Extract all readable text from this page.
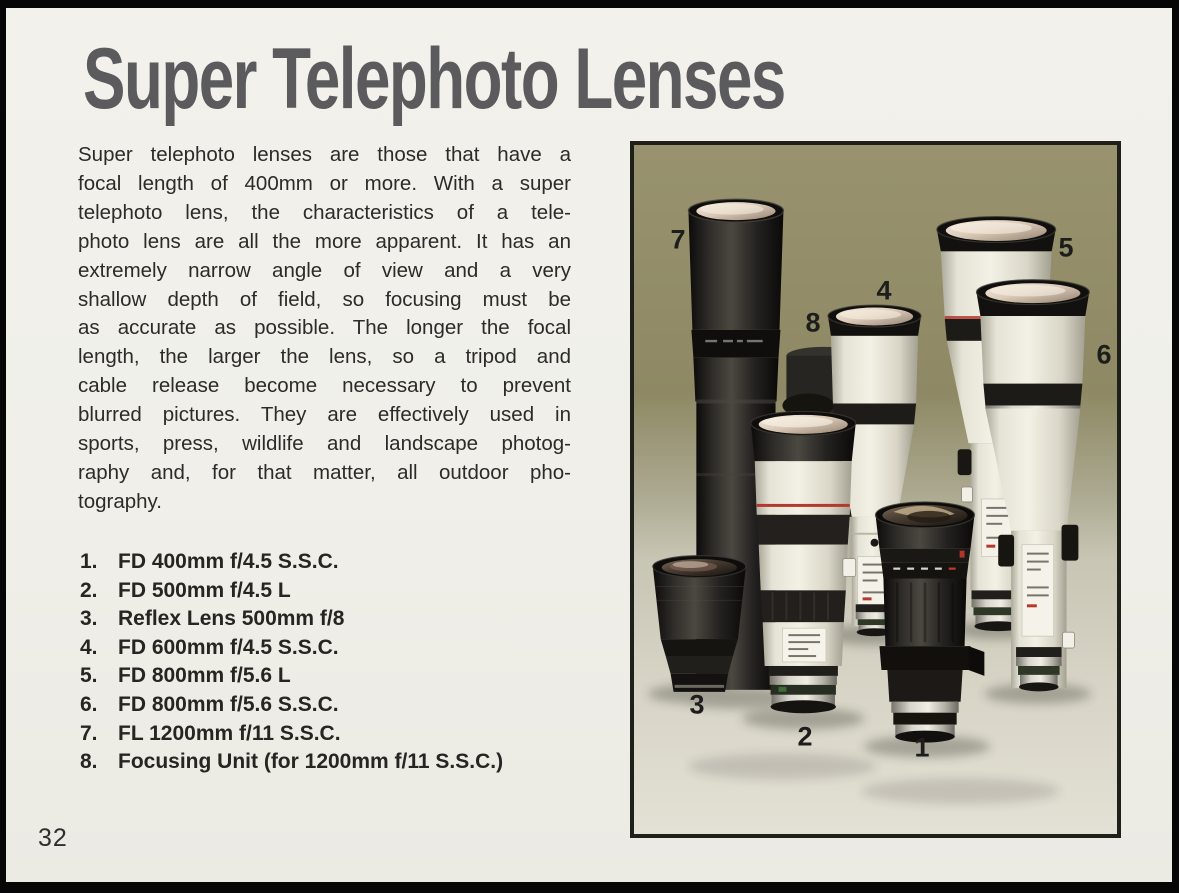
Super Telephoto Lenses
Super telephoto lenses are those that have a
focal length of 400mm or more. With a super
telephoto lens, the characteristics of a tele-
photo lens are all the more apparent. It has an
extremely narrow angle of view and a very
shallow depth of field, so focusing must be
as accurate as possible. The longer the focal
length, the larger the lens, so a tripod and
cable release become necessary to prevent
blurred pictures. They are effectively used in
sports, press, wildlife and landscape photog-
raphy and, for that matter, all outdoor pho-
tography.
1. FD 400mm f/4.5 S.S.C.
2. FD 500mm f/4.5 L
3. Reflex Lens 500mm f/8
4. FD 600mm f/4.5 S.S.C.
5. FD 800mm f/5.6 L
6. FD 800mm f/5.6 S.S.C.
7. FL 1200mm f/11 S.S.C.
8. Focusing Unit (for 1200mm f/11 S.S.C.)
32
1
2
3
4
5
6
7
8
